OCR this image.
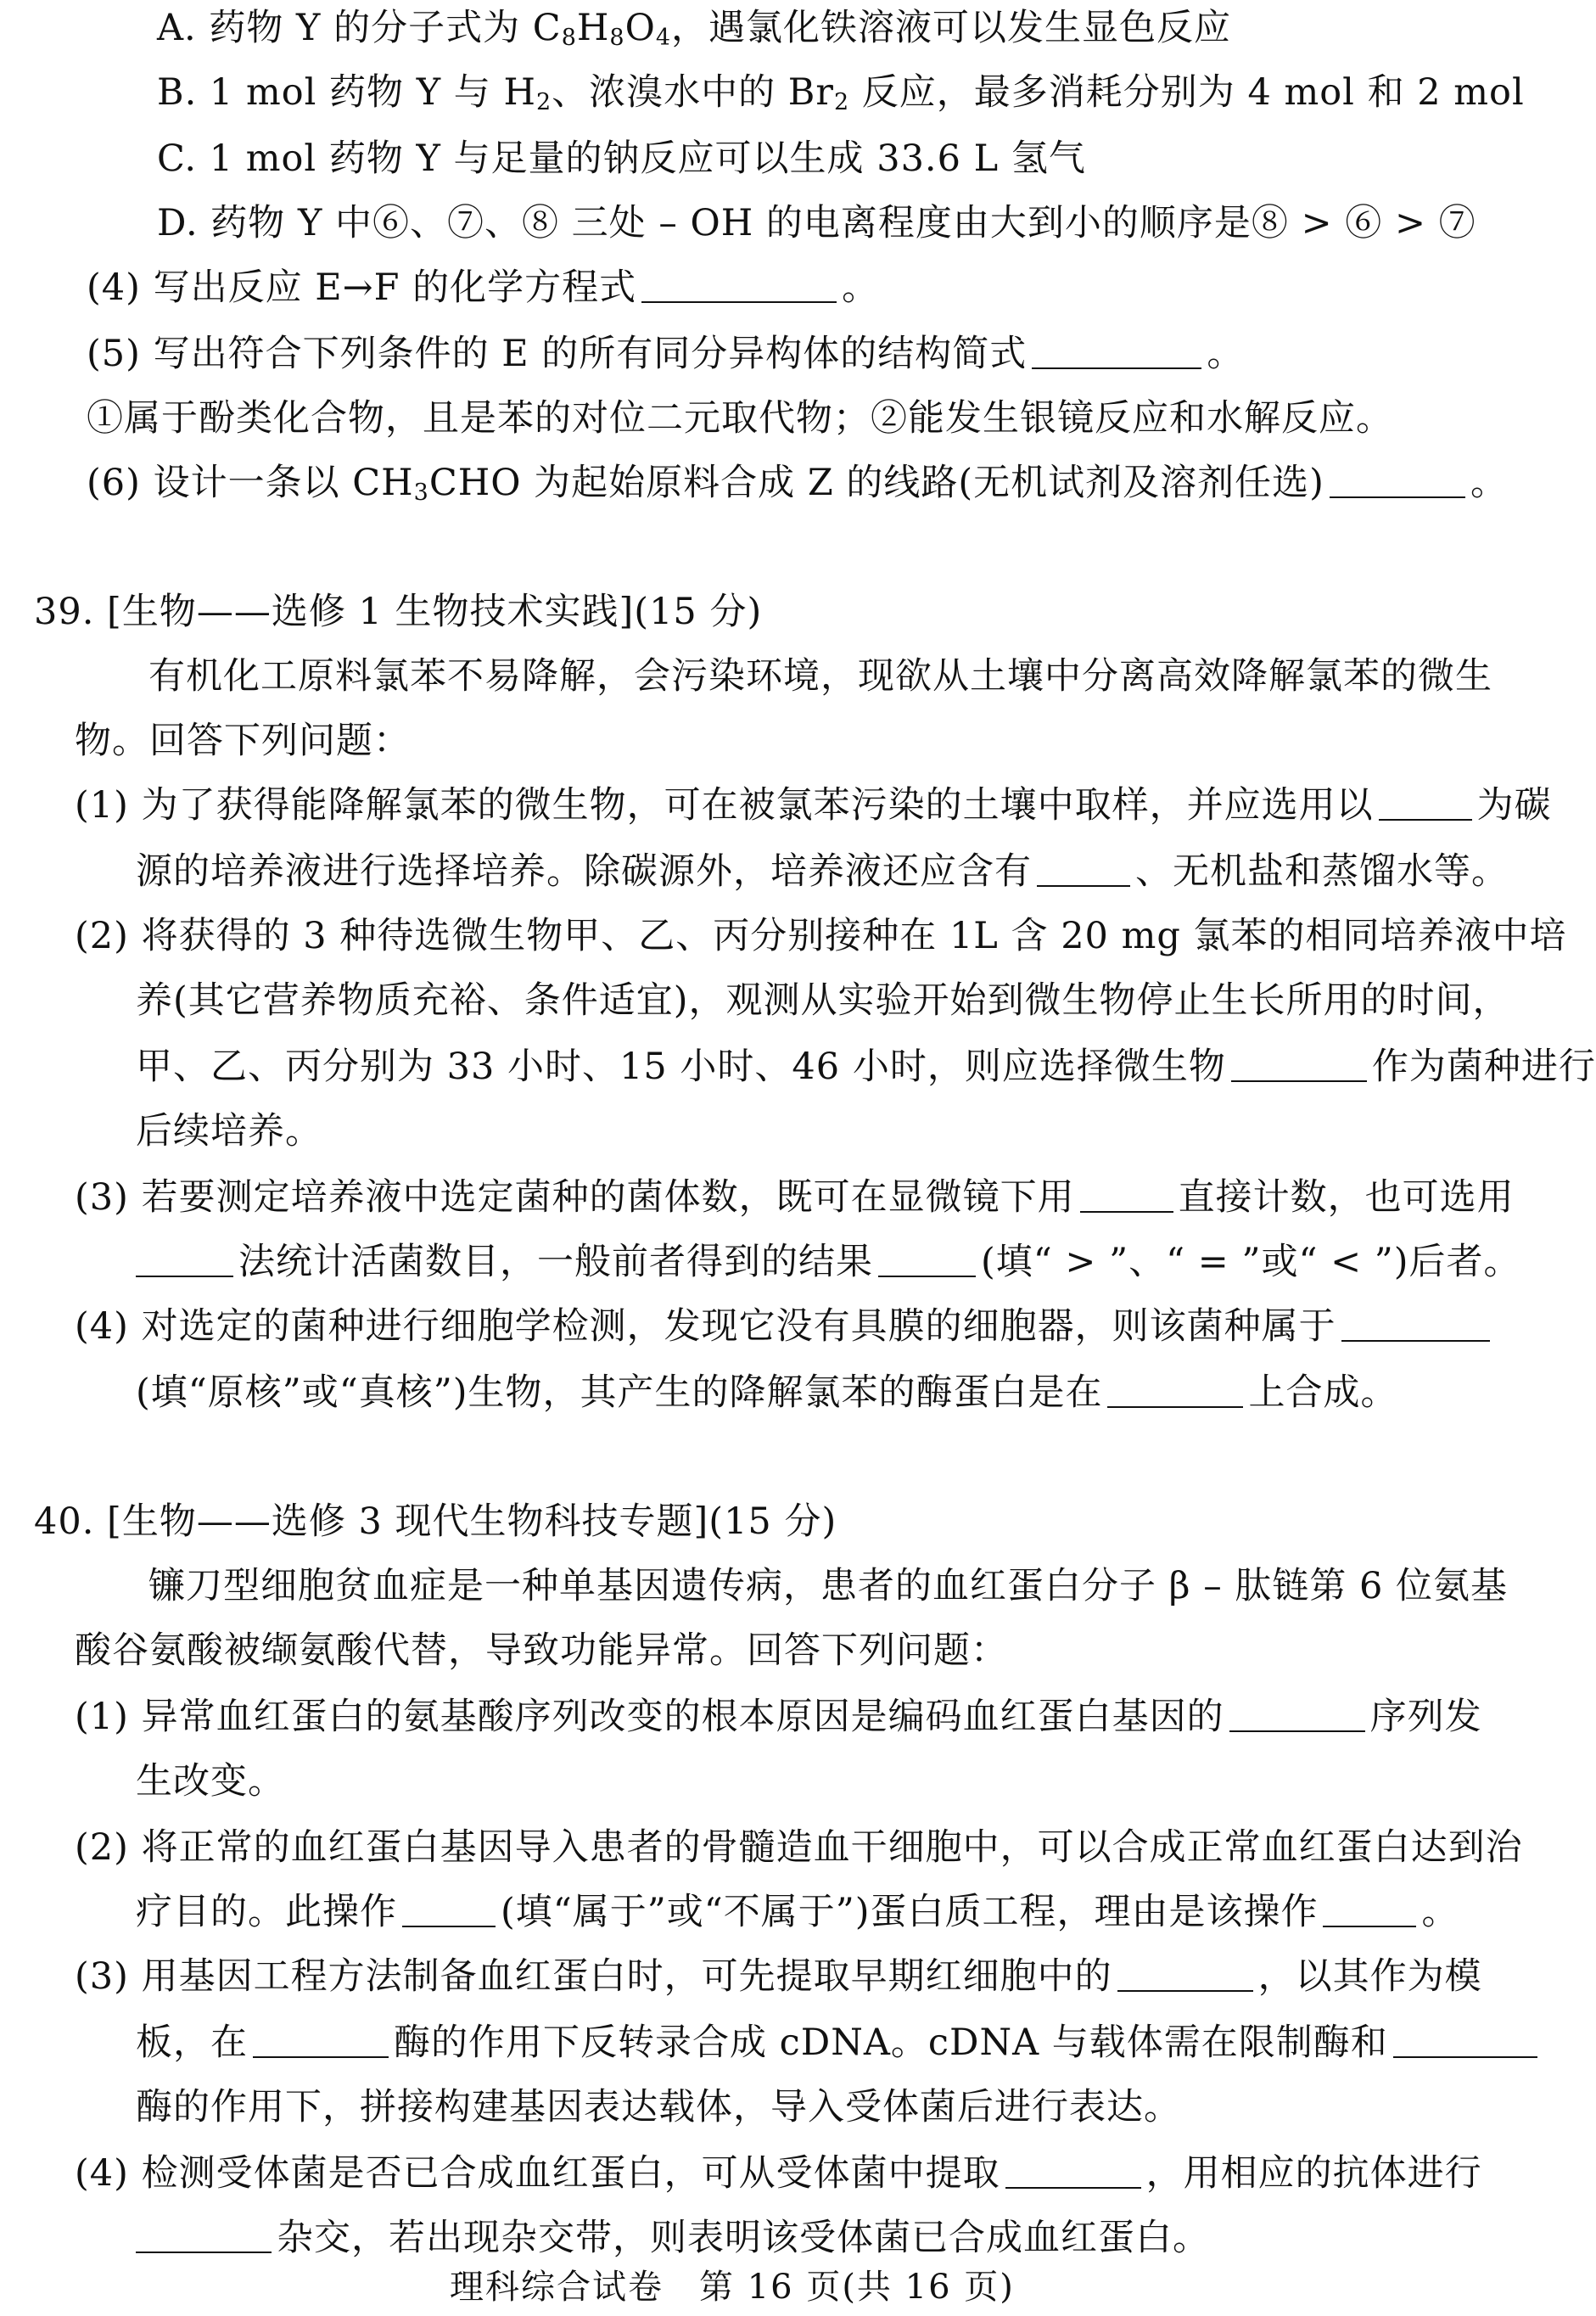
A. 药物 Y 的分子式为 $C_8H_8O_4$，遇氯化铁溶液可以发生显色反应
B. 1 mol 药物 Y 与 $H_2$、浓溴水中的 $Br_2$ 反应，最多消耗分别为 4 mol 和 2 mol
C. 1 mol 药物 Y 与足量的钠反应可以生成 33.6 L 氢气
D. 药物 Y 中⑥、⑦、⑧ 三处 – OH 的电离程度由大到小的顺序是⑧ > ⑥ > ⑦
(4) 写出反应 E→F 的化学方程式	。
(5) 写出符合下列条件的 E 的所有同分异构体的结构简式	。
①属于酚类化合物，且是苯的对位二元取代物；②能发生银镜反应和水解反应。
(6) 设计一条以 $CH_3CHO$ 为起始原料合成 Z 的线路(无机试剂及溶剂任选)	。
39. [生物——选修 1 生物技术实践](15 分)
有机化工原料氯苯不易降解，会污染环境，现欲从土壤中分离高效降解氯苯的微生
物。回答下列问题：
(1) 为了获得能降解氯苯的微生物，可在被氯苯污染的土壤中取样，并应选用以	为碳
源的培养液进行选择培养。除碳源外，培养液还应含有	、无机盐和蒸馏水等。
(2) 将获得的 3 种待选微生物甲、乙、丙分别接种在 1L 含 20 mg 氯苯的相同培养液中培
养(其它营养物质充裕、条件适宜)，观测从实验开始到微生物停止生长所用的时间，
甲、乙、丙分别为 33 小时、15 小时、46 小时，则应选择微生物	作为菌种进行
后续培养。
(3) 若要测定培养液中选定菌种的菌体数，既可在显微镜下用	直接计数，也可选用
法统计活菌数目，一般前者得到的结果	(填“ > ”、“ = ”或“ < ”)后者。
(4) 对选定的菌种进行细胞学检测，发现它没有具膜的细胞器，则该菌种属于
(填“原核”或“真核”)生物，其产生的降解氯苯的酶蛋白是在	上合成。
40. [生物——选修 3 现代生物科技专题](15 分)
镰刀型细胞贫血症是一种单基因遗传病，患者的血红蛋白分子 β – 肽链第 6 位氨基
酸谷氨酸被缬氨酸代替，导致功能异常。回答下列问题：
(1) 异常血红蛋白的氨基酸序列改变的根本原因是编码血红蛋白基因的	序列发
生改变。
(2) 将正常的血红蛋白基因导入患者的骨髓造血干细胞中，可以合成正常血红蛋白达到治
疗目的。此操作	(填“属于”或“不属于”)蛋白质工程，理由是该操作	。
(3) 用基因工程方法制备血红蛋白时，可先提取早期红细胞中的	，以其作为模
板，在	酶的作用下反转录合成 cDNA。cDNA 与载体需在限制酶和
酶的作用下，拼接构建基因表达载体，导入受体菌后进行表达。
(4) 检测受体菌是否已合成血红蛋白，可从受体菌中提取	，用相应的抗体进行
杂交，若出现杂交带，则表明该受体菌已合成血红蛋白。
理科综合试卷　第 16 页(共 16 页)
